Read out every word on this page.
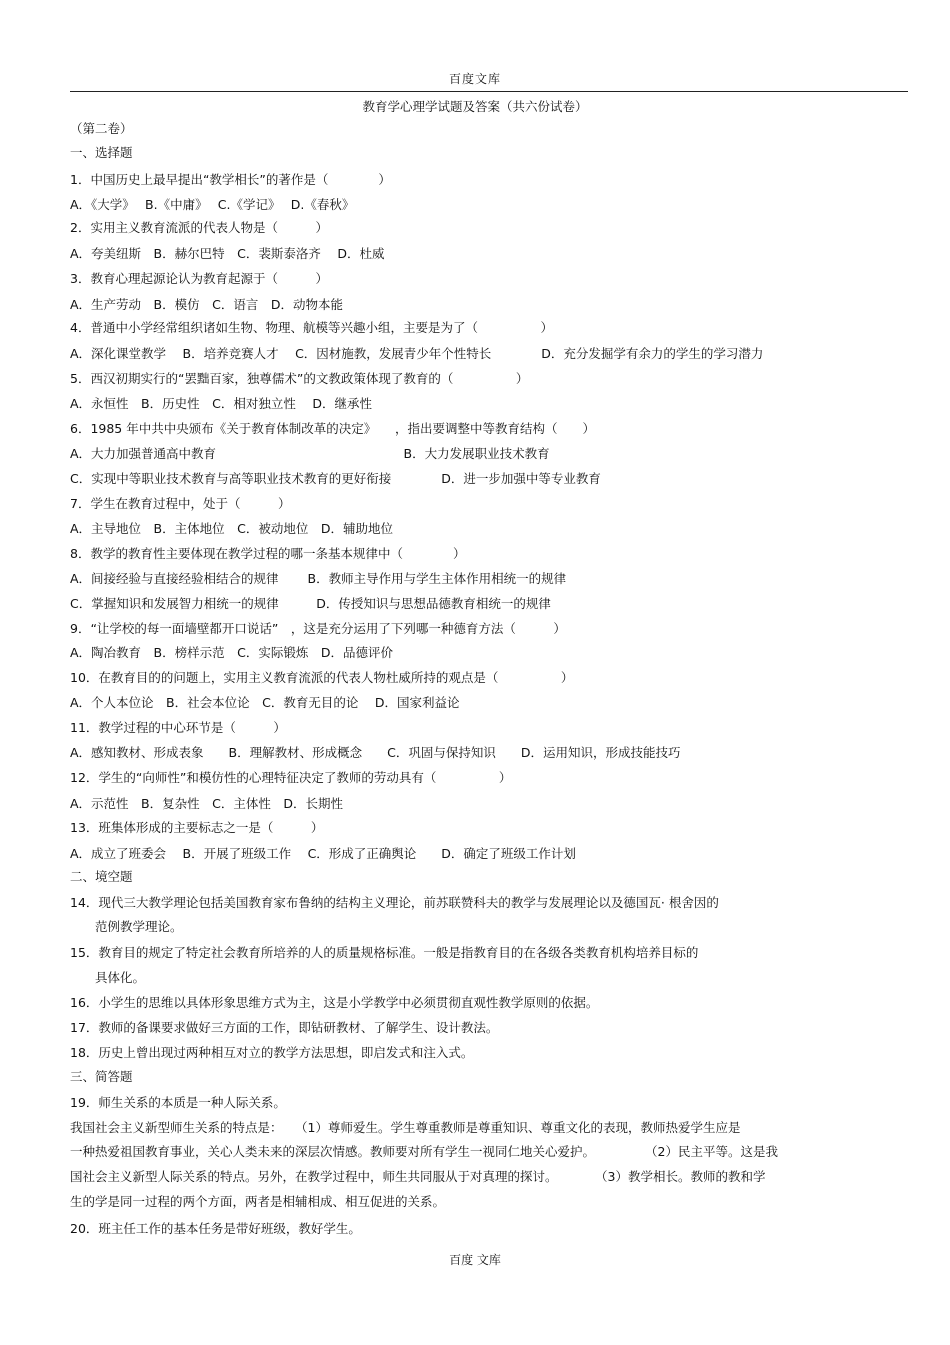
百度文库
教育学心理学试题及答案（共六份试卷）
（第二卷）
一、选择题
1．中国历史上最早提出“教学相长”的著作是（　　　　）
A．《大学》　 B.《中庸》　 C.《学记》　 D.《春秋》
2．实用主义教育流派的代表人物是（　　　）
A．夸美纽斯　B．赫尔巴特　C．裴斯泰洛齐　 D．杜威
3．教育心理起源论认为教育起源于（　　　）
A．生产劳动　B．模仿　C．语言　D．动物本能
4．普通中小学经常组织诸如生物、物理、航模等兴趣小组，主要是为了（　　　　　）
A．深化课堂教学　 B．培养竞赛人才　 C．因材施教，发展青少年个性特长　　　　D．充分发掘学有余力的学生的学习潜力
5．西汉初期实行的“罢黜百家，独尊儒术”的文教政策体现了教育的（　　　　　）
A．永恒性　B．历史性　C．相对独立性　 D．继承性
6．1985 年中共中央颁布《关于教育体制改革的决定》　　，指出要调整中等教育结构（　　）
A．大力加强普通高中教育　　　　　　　　　　　　　　　B．大力发展职业技术教育
C．实现中等职业技术教育与高等职业技术教育的更好衔接　　　　D．进一步加强中等专业教育
7．学生在教育过程中，处于（　　　）
A．主导地位　B．主体地位　C．被动地位　D．辅助地位
8．教学的教育性主要体现在教学过程的哪一条基本规律中（　　　　）
A．间接经验与直接经验相结合的规律　　 B．教师主导作用与学生主体作用相统一的规律
C．掌握知识和发展智力相统一的规律　　　D．传授知识与思想品德教育相统一的规律
9．“让学校的每一面墙壁都开口说话”　，这是充分运用了下列哪一种德育方法（　　　）
A．陶冶教育　B．榜样示范　C．实际锻炼　D．品德评价
10．在教育目的的问题上，实用主义教育流派的代表人物杜威所持的观点是（　　　　　）
A．个人本位论　B．社会本位论　C．教育无目的论　 D．国家利益论
11．教学过程的中心环节是（　　　）
A．感知教材、形成表象　　B．理解教材、形成概念　　C．巩固与保持知识　　D．运用知识，形成技能技巧
12．学生的“向师性”和模仿性的心理特征决定了教师的劳动具有（　　　　　）
A．示范性　B．复杂性　C．主体性　D．长期性
13．班集体形成的主要标志之一是（　　　）
A．成立了班委会　 B．开展了班级工作　 C．形成了正确舆论　　D．确定了班级工作计划
二、境空题
14．现代三大教学理论包括美国教育家布鲁纳的结构主义理论，前苏联赞科夫的教学与发展理论以及德国瓦· 根舍因的
　　范例教学理论。
15．教育目的规定了特定社会教育所培养的人的质量规格标准。一般是指教育目的在各级各类教育机构培养目标的
　　具体化。
16．小学生的思维以具体形象思维方式为主，这是小学教学中必须贯彻直观性教学原则的依据。
17．教师的备课要求做好三方面的工作，即钻研教材、了解学生、设计教法。
18．历史上曾出现过两种相互对立的教学方法思想，即启发式和注入式。
三、简答题
19．师生关系的本质是一种人际关系。
我国社会主义新型师生关系的特点是：　　（1）尊师爱生。学生尊重教师是尊重知识、尊重文化的表现，教师热爱学生应是
一种热爱祖国教育事业，关心人类未来的深层次情感。教师要对所有学生一视同仁地关心爱护。　　　　　（2）民主平等。这是我
国社会主义新型人际关系的特点。另外，在教学过程中，师生共同服从于对真理的探讨。　　　　（3）教学相长。教师的教和学
生的学是同一过程的两个方面，两者是相辅相成、相互促进的关系。
20．班主任工作的基本任务是带好班级，教好学生。
百度 文库
